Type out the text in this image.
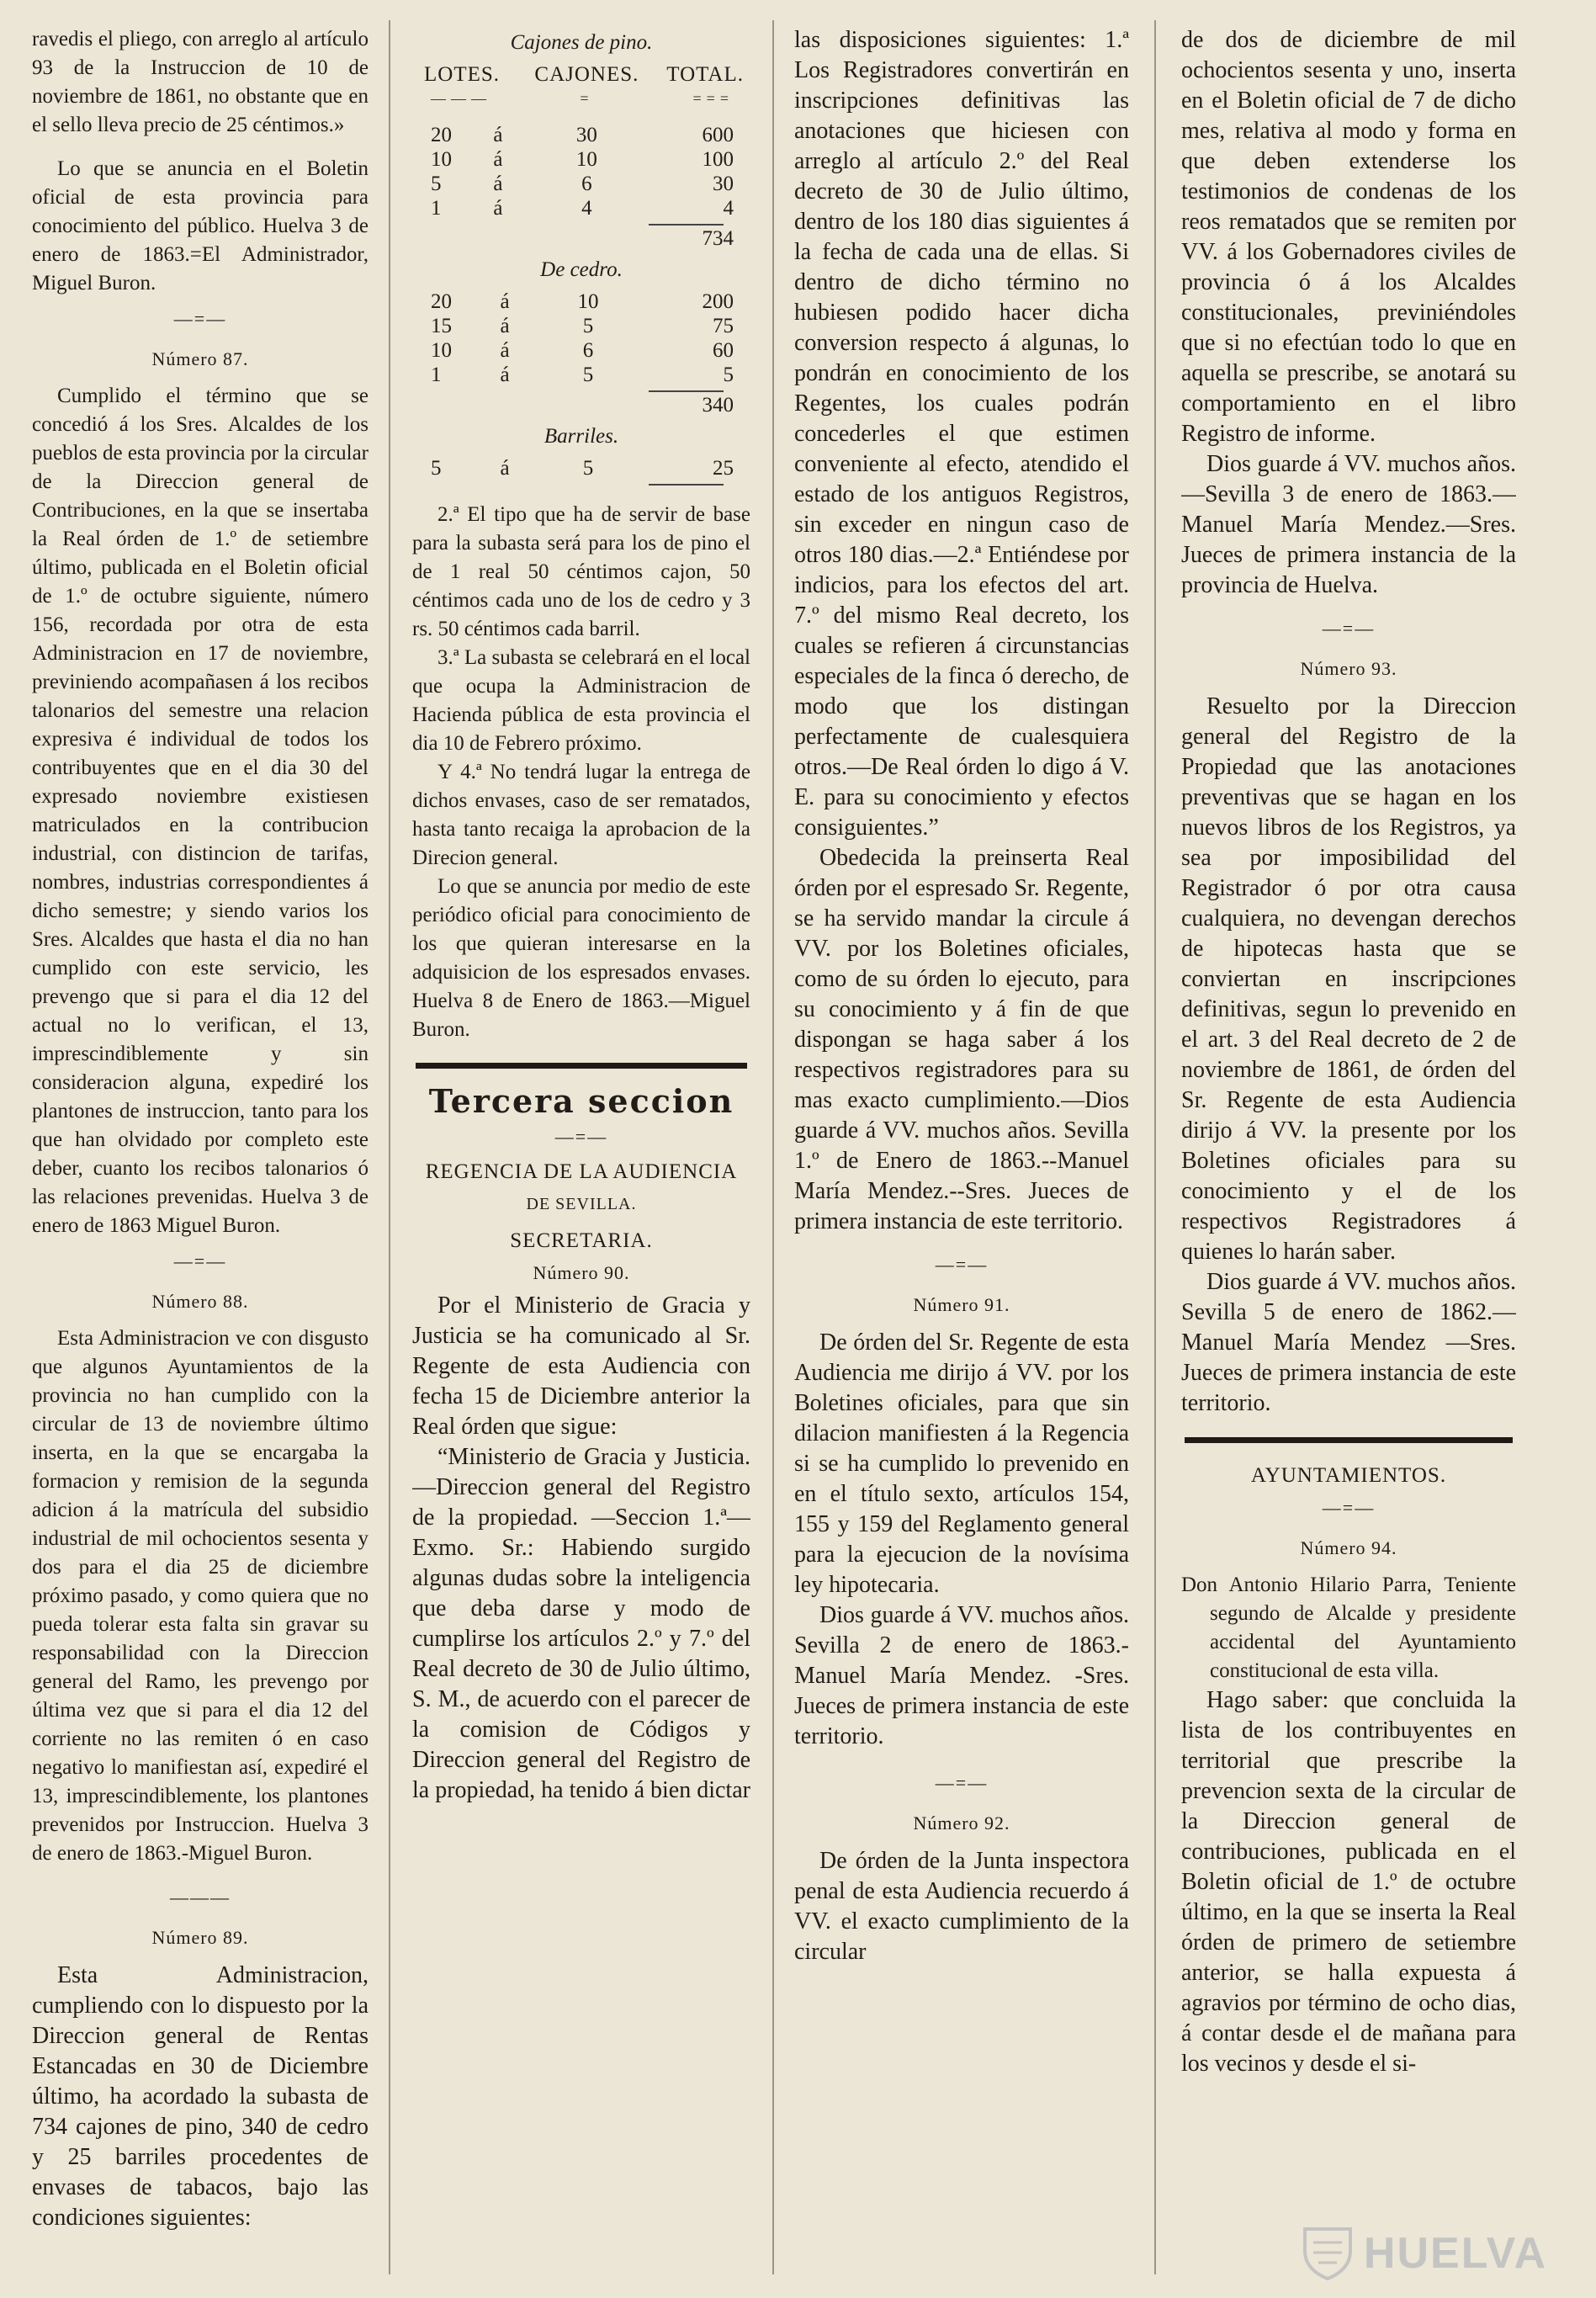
ravedis el pliego, con arreglo al artículo 93 de la Instruccion de 10 de noviembre de 1861, no obstante que en el sello lleva precio de 25 céntimos.»

Lo que se anuncia en el Boletin oficial de esta provincia para conocimiento del público. Huelva 3 de enero de 1863.=El Administrador, Miguel Buron.

—=—
Número 87.

Cumplido el término que se concedió á los Sres. Alcaldes de los pueblos de esta provincia por la circular de la Direccion general de Contribuciones, en la que se insertaba la Real órden de 1.º de setiembre último, publicada en el Boletin oficial de 1.º de octubre siguiente, número 156, recordada por otra de esta Administracion en 17 de noviembre, previniendo acompañasen á los recibos talonarios del semestre una relacion expresiva é individual de todos los contribuyentes que en el dia 30 del expresado noviembre existiesen matriculados en la contribucion industrial, con distincion de tarifas, nombres, industrias correspondientes á dicho semestre; y siendo varios los Sres. Alcaldes que hasta el dia no han cumplido con este servicio, les prevengo que si para el dia 12 del actual no lo verifican, el 13, imprescindiblemente y sin consideracion alguna, expediré los plantones de instruccion, tanto para los que han olvidado por completo este deber, cuanto los recibos talonarios ó las relaciones prevenidas. Huelva 3 de enero de 1863 Miguel Buron.

—=—
Número 88.

Esta Administracion ve con disgusto que algunos Ayuntamientos de la provincia no han cumplido con la circular de 13 de noviembre último inserta, en la que se encargaba la formacion y remision de la segunda adicion á la matrícula del subsidio industrial de mil ochocientos sesenta y dos para el dia 25 de diciembre próximo pasado, y como quiera que no pueda tolerar esta falta sin gravar su responsabilidad con la Direccion general del Ramo, les prevengo por última vez que si para el dia 12 del corriente no las remiten ó en caso negativo lo manifiestan así, expediré el 13, imprescindiblemente, los plantones prevenidos por Instruccion. Huelva 3 de enero de 1863.-Miguel Buron.

———
Número 89.

Esta Administracion, cumpliendo con lo dispuesto por la Direccion general de Rentas Estancadas en 30 de Diciembre último, ha acordado la subasta de 734 cajones de pino, 340 de cedro y 25 barriles procedentes de envases de tabacos, bajo las condiciones siguientes:

Cajones de pino.
LOTES.		CAJONES.	TOTAL.
———		=	===

20	á	30	600
10	á	10	100
5	á	6	30
1	á	4	4
734
De cedro.
20	á	10	200
15	á	5	75
10	á	6	60
1	á	5	5
340
Barriles.
5	á	5	25

2.ª El tipo que ha de servir de base para la subasta será para los de pino el de 1 real 50 céntimos cajon, 50 céntimos cada uno de los de cedro y 3 rs. 50 céntimos cada barril.

3.ª La subasta se celebrará en el local que ocupa la Administracion de Hacienda pública de esta provincia el dia 10 de Febrero próximo.

Y 4.ª No tendrá lugar la entrega de dichos envases, caso de ser rematados, hasta tanto recaiga la aprobacion de la Direcion general.

Lo que se anuncia por medio de este periódico oficial para conocimiento de los que quieran interesarse en la adquisicion de los espresados envases. Huelva 8 de Enero de 1863.—Miguel Buron.

Tercera seccion
—=—
REGENCIA DE LA AUDIENCIA
DE SEVILLA.
SECRETARIA.
Número 90.

Por el Ministerio de Gracia y Justicia se ha comunicado al Sr. Regente de esta Audiencia con fecha 15 de Diciembre anterior la Real órden que sigue:

“Ministerio de Gracia y Justicia.—Direccion general del Registro de la propiedad. —Seccion 1.ª—Exmo. Sr.: Habiendo surgido algunas dudas sobre la inteligencia que deba darse y modo de cumplirse los artículos 2.º y 7.º del Real decreto de 30 de Julio último, S. M., de acuerdo con el parecer de la comision de Códigos y Direccion general del Registro de la propiedad, ha tenido á bien dictar

las disposiciones siguientes: 1.ª Los Registradores convertirán en inscripciones definitivas las anotaciones que hiciesen con arreglo al artículo 2.º del Real decreto de 30 de Julio último, dentro de los 180 dias siguientes á la fecha de cada una de ellas. Si dentro de dicho término no hubiesen podido hacer dicha conversion respecto á algunas, lo pondrán en conocimiento de los Regentes, los cuales podrán concederles el que estimen conveniente al efecto, atendido el estado de los antiguos Registros, sin exceder en ningun caso de otros 180 dias.—2.ª Entiéndese por indicios, para los efectos del art. 7.º del mismo Real decreto, los cuales se refieren á circunstancias especiales de la finca ó derecho, de modo que los distingan perfectamente de cualesquiera otros.—De Real órden lo digo á V. E. para su conocimiento y efectos consiguientes.”

Obedecida la preinserta Real órden por el espresado Sr. Regente, se ha servido mandar la circule á VV. por los Boletines oficiales, como de su órden lo ejecuto, para su conocimiento y á fin de que dispongan se haga saber á los respectivos registradores para su mas exacto cumplimiento.—Dios guarde á VV. muchos años. Sevilla 1.º de Enero de 1863.--Manuel María Mendez.--Sres. Jueces de primera instancia de este territorio.

—=—
Número 91.

De órden del Sr. Regente de esta Audiencia me dirijo á VV. por los Boletines oficiales, para que sin dilacion manifiesten á la Regencia si se ha cumplido lo prevenido en en el título sexto, artículos 154, 155 y 159 del Reglamento general para la ejecucion de la novísima ley hipotecaria.

Dios guarde á VV. muchos años. Sevilla 2 de enero de 1863.-Manuel María Mendez. -Sres. Jueces de primera instancia de este territorio.

—=—
Número 92.

De órden de la Junta inspectora penal de esta Audiencia recuerdo á VV. el exacto cumplimiento de la circular

de dos de diciembre de mil ochocientos sesenta y uno, inserta en el Boletin oficial de 7 de dicho mes, relativa al modo y forma en que deben extenderse los testimonios de condenas de los reos rematados que se remiten por VV. á los Gobernadores civiles de provincia ó á los Alcaldes constitucionales, previniéndoles que si no efectúan todo lo que en aquella se prescribe, se anotará su comportamiento en el libro Registro de informe.

Dios guarde á VV. muchos años.—Sevilla 3 de enero de 1863.—Manuel María Mendez.—Sres. Jueces de primera instancia de la provincia de Huelva.

—=—
Número 93.

Resuelto por la Direccion general del Registro de la Propiedad que las anotaciones preventivas que se hagan en los nuevos libros de los Registros, ya sea por imposibilidad del Registrador ó por otra causa cualquiera, no devengan derechos de hipotecas hasta que se conviertan en inscripciones definitivas, segun lo prevenido en el art. 3 del Real decreto de 2 de noviembre de 1861, de órden del Sr. Regente de esta Audiencia dirijo á VV. la presente por los Boletines oficiales para su conocimiento y el de los respectivos Registradores á quienes lo harán saber.

Dios guarde á VV. muchos años. Sevilla 5 de enero de 1862.—Manuel María Mendez —Sres. Jueces de primera instancia de este territorio.

AYUNTAMIENTOS.
—=—
Número 94.

Don Antonio Hilario Parra, Teniente segundo de Alcalde y presidente accidental del Ayuntamiento constitucional de esta villa.

Hago saber: que concluida la lista de los contribuyentes en territorial que prescribe la prevencion sexta de la circular de la Direccion general de contribuciones, publicada en el Boletin oficial de 1.º de octubre último, en la que se inserta la Real órden de primero de setiembre anterior, se halla expuesta á agravios por término de ocho dias, á contar desde el de mañana para los vecinos y desde el si-

HUELVA
